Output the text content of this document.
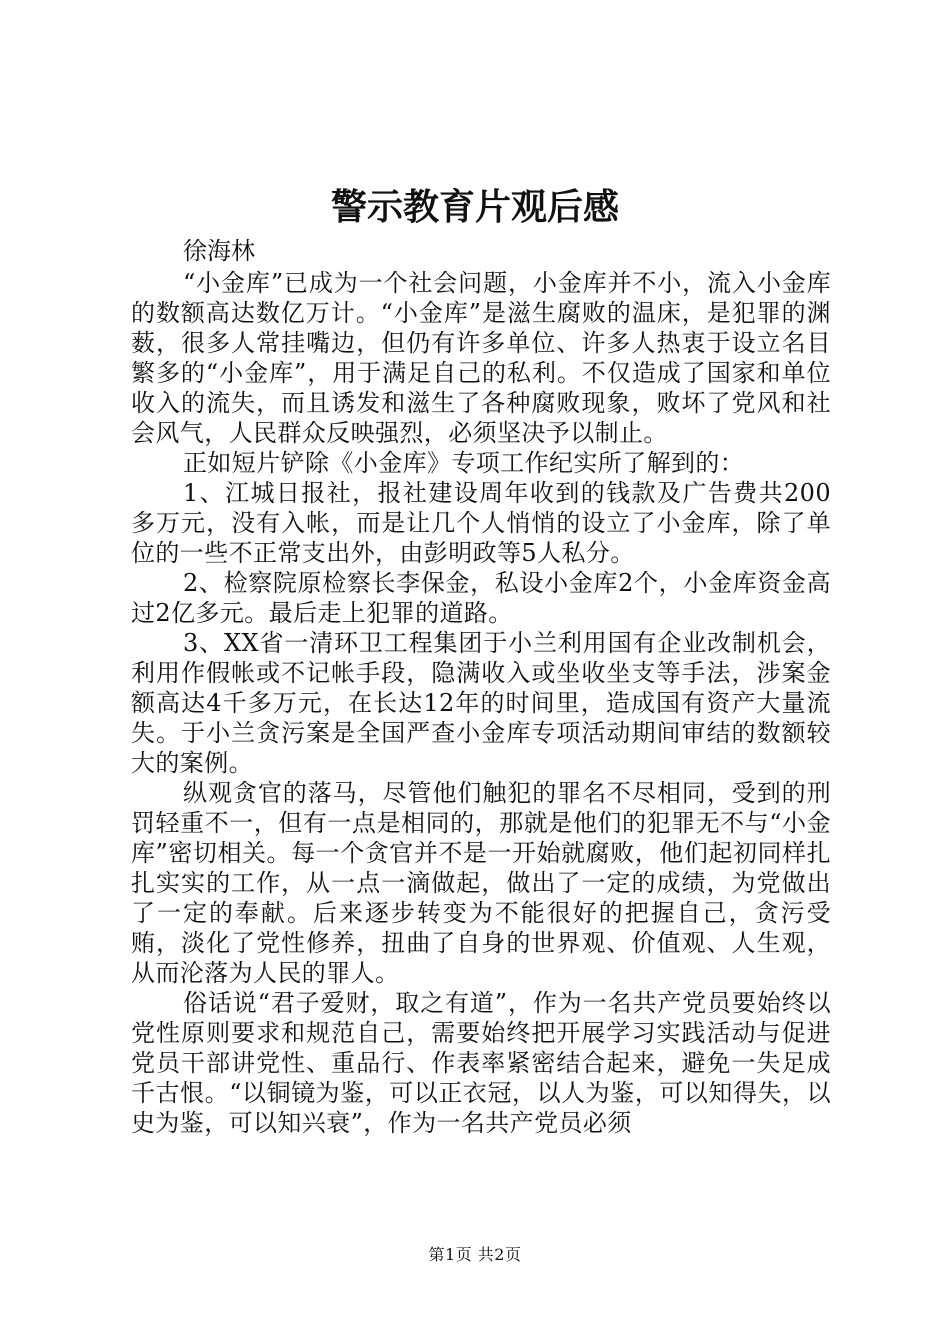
警示教育片观后感

徐海林

“小金库”已成为一个社会问题，小金库并不小，流入小金库的数额高达数亿万计。“小金库”是滋生腐败的温床，是犯罪的渊薮，很多人常挂嘴边，但仍有许多单位、许多人热衷于设立名目繁多的“小金库”，用于满足自己的私利。不仅造成了国家和单位收入的流失，而且诱发和滋生了各种腐败现象，败坏了党风和社会风气，人民群众反映强烈，必须坚决予以制止。

正如短片铲除《小金库》专项工作纪实所了解到的：

1、江城日报社，报社建设周年收到的钱款及广告费共200多万元，没有入帐，而是让几个人悄悄的设立了小金库，除了单位的一些不正常支出外，由彭明政等5人私分。

2、检察院原检察长李保金，私设小金库2个，小金库资金高过2亿多元。最后走上犯罪的道路。

3、XX省一清环卫工程集团于小兰利用国有企业改制机会，利用作假帐或不记帐手段，隐满收入或坐收坐支等手法，涉案金额高达4千多万元，在长达12年的时间里，造成国有资产大量流失。于小兰贪污案是全国严查小金库专项活动期间审结的数额较大的案例。

纵观贪官的落马，尽管他们触犯的罪名不尽相同，受到的刑罚轻重不一，但有一点是相同的，那就是他们的犯罪无不与“小金库”密切相关。每一个贪官并不是一开始就腐败，他们起初同样扎扎实实的工作，从一点一滴做起，做出了一定的成绩，为党做出了一定的奉献。后来逐步转变为不能很好的把握自己，贪污受贿，淡化了党性修养，扭曲了自身的世界观、价值观、人生观，从而沦落为人民的罪人。

俗话说“君子爱财，取之有道”，作为一名共产党员要始终以党性原则要求和规范自己，需要始终把开展学习实践活动与促进党员干部讲党性、重品行、作表率紧密结合起来，避免一失足成千古恨。“以铜镜为鉴，可以正衣冠，以人为鉴，可以知得失，以史为鉴，可以知兴衰”，作为一名共产党员必须

第1页 共2页
